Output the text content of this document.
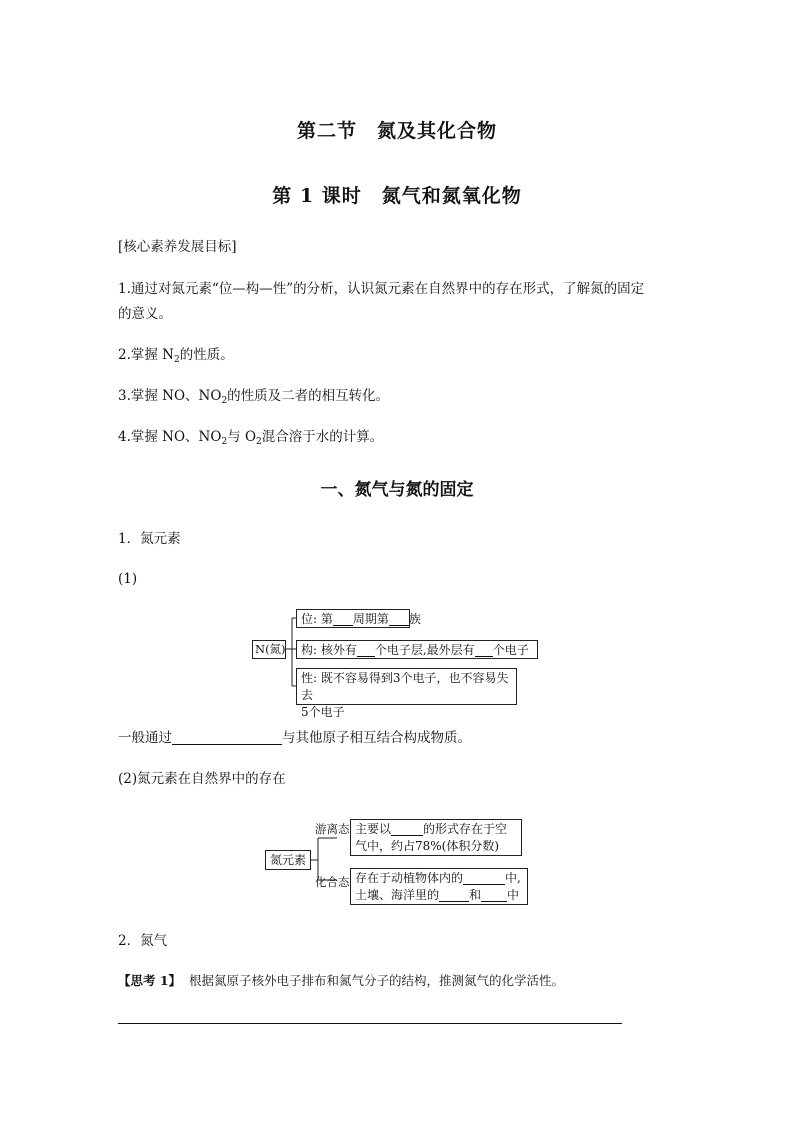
第二节　氮及其化合物
第 1 课时　氮气和氮氧化物
[核心素养发展目标]
1.通过对氮元素“位—构—性”的分析，认识氮元素在自然界中的存在形式，了解氮的固定
的意义。
2.掌握 $N_2$的性质。
3.掌握 NO、$NO_2$的性质及二者的相互转化。
4.掌握 NO、$NO_2$与 $O_2$混合溶于水的计算。
一、氮气与氮的固定
1．氮元素
(1)
N(氮)
位: 第 周期第 族
构: 核外有 个电子层,最外层有 个电子
性: 既不容易得到3个电子，也不容易失去
5个电子
一般通过	与其他原子相互结合构成物质。
(2)氮元素在自然界中的存在
氮元素
游离态
化合态
主要以	的形式存在于空
气中，约占78%(体积分数)
存在于动植物体内的	中,
土壤、海洋里的	和 中
2．氮气
【思考 1】 根据氮原子核外电子排布和氮气分子的结构，推测氮气的化学活性。
